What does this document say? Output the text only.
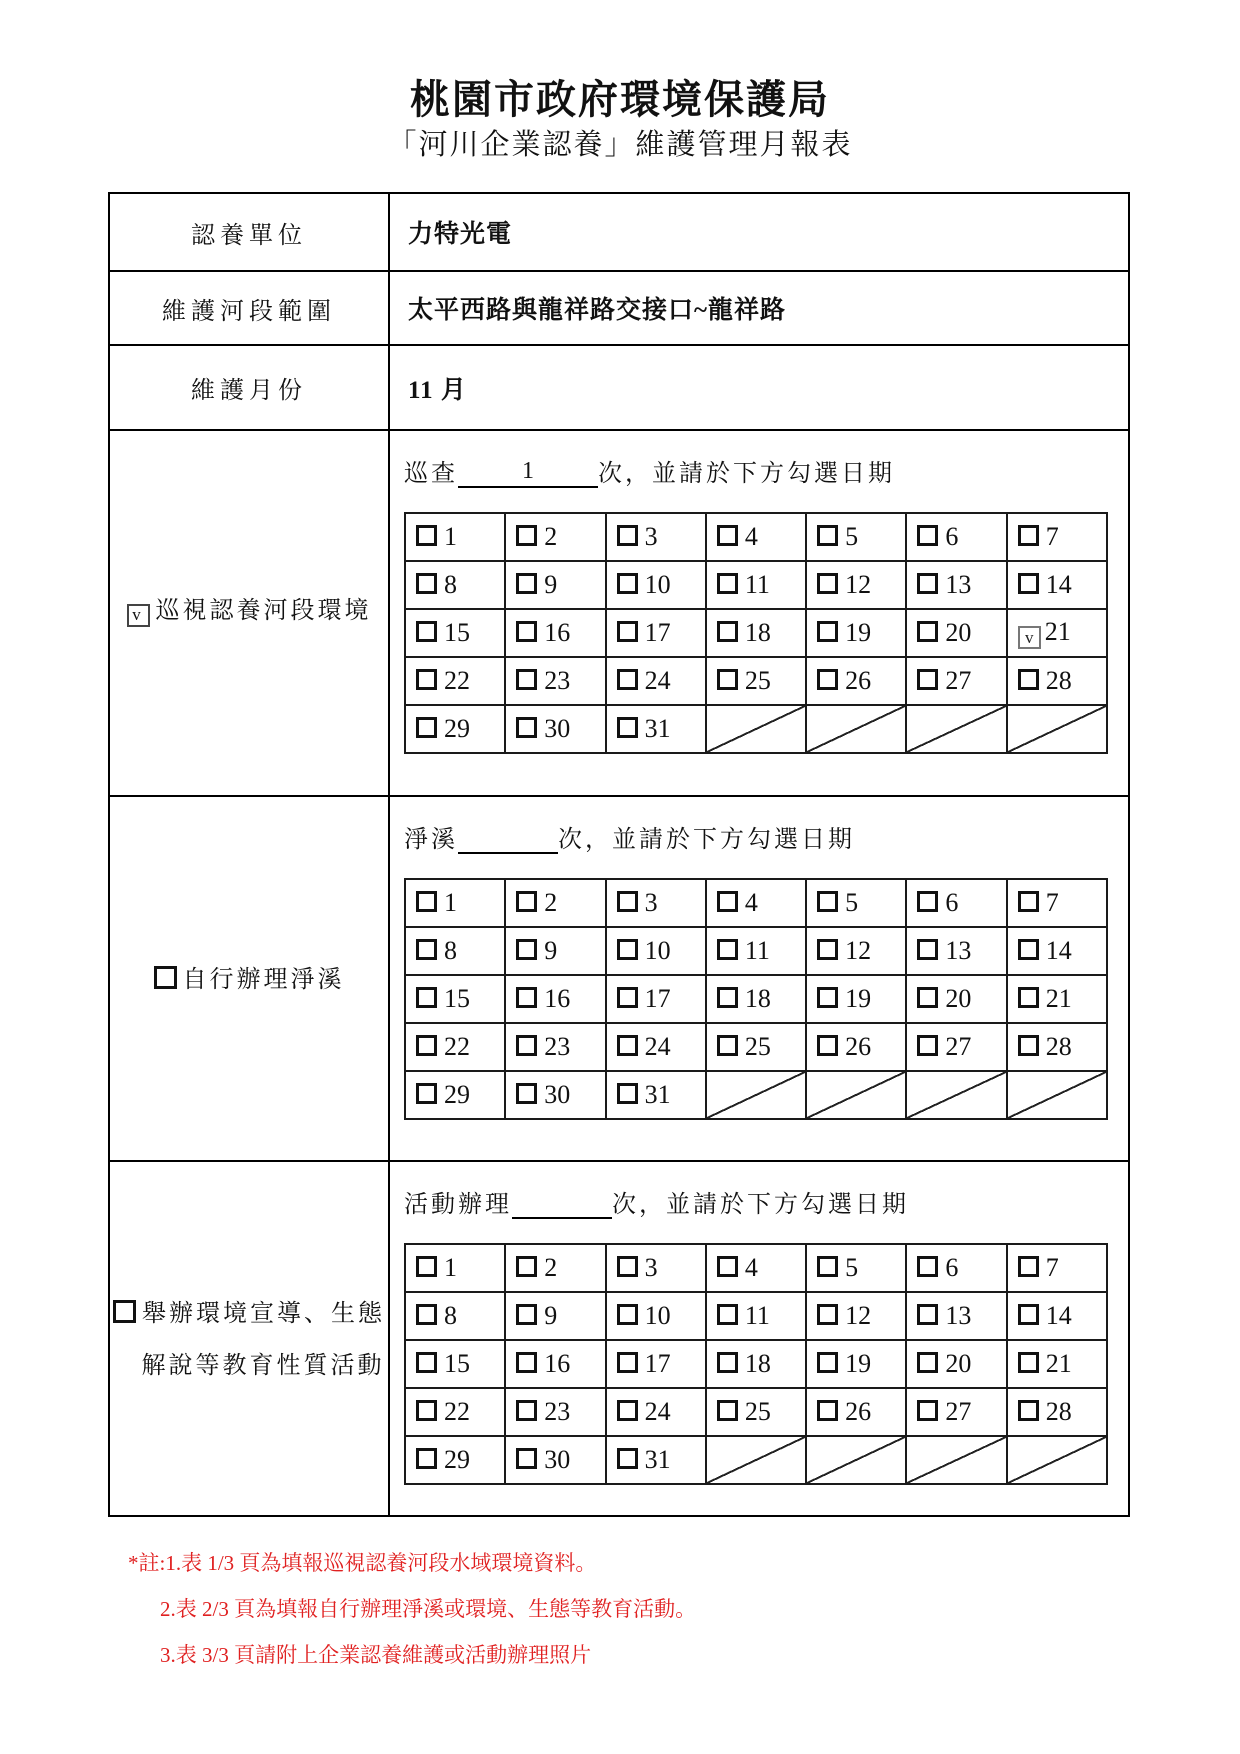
桃園市政府環境保護局
「河川企業認養」維護管理月報表
認養單位	力特光電
維護河段範圍	太平西路與龍祥路交接口~龍祥路
維護月份	11 月
v 巡視認養河段環境
巡查	1	次，並請於下方勾選日期
1	2	3	4	5	6	7
8	9	10	11	12	13	14
15	16	17	18	19	20	v 21
22	23	24	25	26	27	28
29	30	31				
自行辦理淨溪
淨溪	次，並請於下方勾選日期
1	2	3	4	5	6	7
8	9	10	11	12	13	14
15	16	17	18	19	20	21
22	23	24	25	26	27	28
29	30	31				
舉辦環境宣導、生態
解說等教育性質活動
活動辦理	次，並請於下方勾選日期
1	2	3	4	5	6	7
8	9	10	11	12	13	14
15	16	17	18	19	20	21
22	23	24	25	26	27	28
29	30	31				
*註:1.表 1/3 頁為填報巡視認養河段水域環境資料。
2.表 2/3 頁為填報自行辦理淨溪或環境、生態等教育活動。
3.表 3/3 頁請附上企業認養維護或活動辦理照片
